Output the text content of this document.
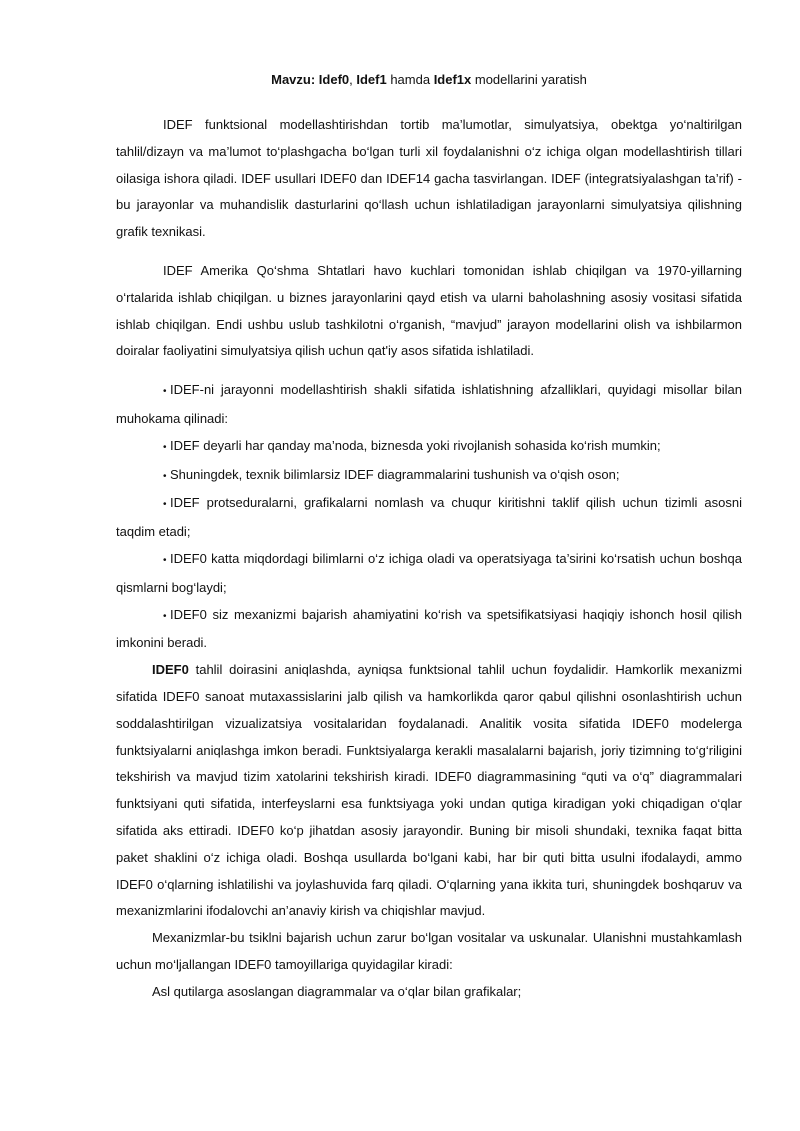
Mavzu: Idef0, Idef1 hamda Idef1x modellarini yaratish

IDEF funktsional modellashtirishdan tortib ma’lumotlar, simulyatsiya, obektga yo‘naltirilgan tahlil/dizayn va ma’lumot to‘plashgacha bo‘lgan turli xil foydalanishni o‘z ichiga olgan modellashtirish tillari oilasiga ishora qiladi. IDEF usullari IDEF0 dan IDEF14 gacha tasvirlangan. IDEF (integratsiyalashgan ta’rif) - bu jarayonlar va muhandislik dasturlarini qo‘llash uchun ishlatiladigan jarayonlarni simulyatsiya qilishning grafik texnikasi.

IDEF Amerika Qo‘shma Shtatlari havo kuchlari tomonidan ishlab chiqilgan va 1970-yillarning o‘rtalarida ishlab chiqilgan. u biznes jarayonlarini qayd etish va ularni baholashning asosiy vositasi sifatida ishlab chiqilgan. Endi ushbu uslub tashkilotni o‘rganish, “mavjud” jarayon modellarini olish va ishbilarmon doiralar faoliyatini simulyatsiya qilish uchun qat'iy asos sifatida ishlatiladi.

• IDEF-ni jarayonni modellashtirish shakli sifatida ishlatishning afzalliklari, quyidagi misollar bilan muhokama qilinadi:

• IDEF deyarli har qanday ma’noda, biznesda yoki rivojlanish sohasida ko‘rish mumkin;

• Shuningdek, texnik bilimlarsiz IDEF diagrammalarini tushunish va o‘qish oson;

• IDEF protseduralarni, grafikalarni nomlash va chuqur kiritishni taklif qilish uchun tizimli asosni taqdim etadi;

• IDEF0 katta miqdordagi bilimlarni o‘z ichiga oladi va operatsiyaga ta’sirini ko‘rsatish uchun boshqa qismlarni bog‘laydi;

• IDEF0 siz mexanizmi bajarish ahamiyatini ko‘rish va spetsifikatsiyasi haqiqiy ishonch hosil qilish imkonini beradi.

IDEF0 tahlil doirasini aniqlashda, ayniqsa funktsional tahlil uchun foydalidir. Hamkorlik mexanizmi sifatida IDEF0 sanoat mutaxassislarini jalb qilish va hamkorlikda qaror qabul qilishni osonlashtirish uchun soddalashtirilgan vizualizatsiya vositalaridan foydalanadi. Analitik vosita sifatida IDEF0 modelerga funktsiyalarni aniqlashga imkon beradi. Funktsiyalarga kerakli masalalarni bajarish, joriy tizimning to‘g‘riligini tekshirish va mavjud tizim xatolarini tekshirish kiradi. IDEF0 diagrammasining “quti va o‘q” diagrammalari funktsiyani quti sifatida, interfeyslarni esa funktsiyaga yoki undan qutiga kiradigan yoki chiqadigan o‘qlar sifatida aks ettiradi. IDEF0 ko‘p jihatdan asosiy jarayondir. Buning bir misoli shundaki, texnika faqat bitta paket shaklini o‘z ichiga oladi. Boshqa usullarda bo‘lgani kabi, har bir quti bitta usulni ifodalaydi, ammo IDEF0 o‘qlarning ishlatilishi va joylashuvida farq qiladi. O‘qlarning yana ikkita turi, shuningdek boshqaruv va mexanizmlarini ifodalovchi an’anaviy kirish va chiqishlar mavjud.

Mexanizmlar-bu tsiklni bajarish uchun zarur bo‘lgan vositalar va uskunalar. Ulanishni mustahkamlash uchun mo‘ljallangan IDEF0 tamoyillariga quyidagilar kiradi:

Asl qutilarga asoslangan diagrammalar va o‘qlar bilan grafikalar;
